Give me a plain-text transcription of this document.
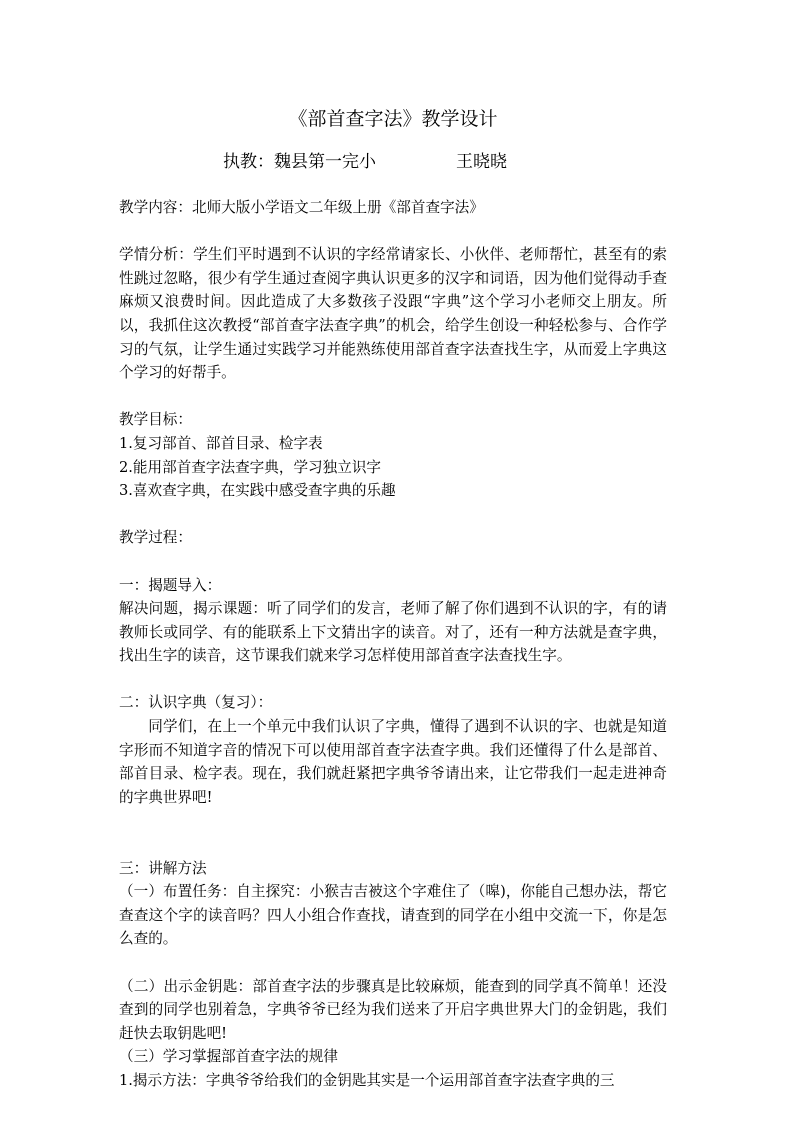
《部首查字法》教学设计
执教：魏县第一完小	王晓晓

教学内容：北师大版小学语文二年级上册《部首查字法》

学情分析：学生们平时遇到不认识的字经常请家长、小伙伴、老师帮忙，甚至有的索性跳过忽略，很少有学生通过查阅字典认识更多的汉字和词语，因为他们觉得动手查麻烦又浪费时间。因此造成了大多数孩子没跟“字典”这个学习小老师交上朋友。所以，我抓住这次教授“部首查字法查字典”的机会，给学生创设一种轻松参与、合作学习的气氛，让学生通过实践学习并能熟练使用部首查字法查找生字，从而爱上字典这个学习的好帮手。

教学目标：

1.复习部首、部首目录、检字表

2.能用部首查字法查字典，学习独立识字

3.喜欢查字典，在实践中感受查字典的乐趣

教学过程：

一：揭题导入：

解决问题，揭示课题：听了同学们的发言，老师了解了你们遇到不认识的字，有的请教师长或同学、有的能联系上下文猜出字的读音。对了，还有一种方法就是查字典，找出生字的读音，这节课我们就来学习怎样使用部首查字法查找生字。

二：认识字典（复习）：

同学们，在上一个单元中我们认识了字典，懂得了遇到不认识的字、也就是知道字形而不知道字音的情况下可以使用部首查字法查字典。我们还懂得了什么是部首、部首目录、检字表。现在，我们就赶紧把字典爷爷请出来，让它带我们一起走进神奇的字典世界吧!

三：讲解方法

（一）布置任务：自主探究：小猴吉吉被这个字难住了（嗥)，你能自己想办法，帮它查查这个字的读音吗？四人小组合作查找，请查到的同学在小组中交流一下，你是怎么查的。

（二）出示金钥匙：部首查字法的步骤真是比较麻烦，能查到的同学真不简单！还没查到的同学也别着急，字典爷爷已经为我们送来了开启字典世界大门的金钥匙，我们赶快去取钥匙吧!

（三）学习掌握部首查字法的规律

1.揭示方法：字典爷爷给我们的金钥匙其实是一个运用部首查字法查字典的三
